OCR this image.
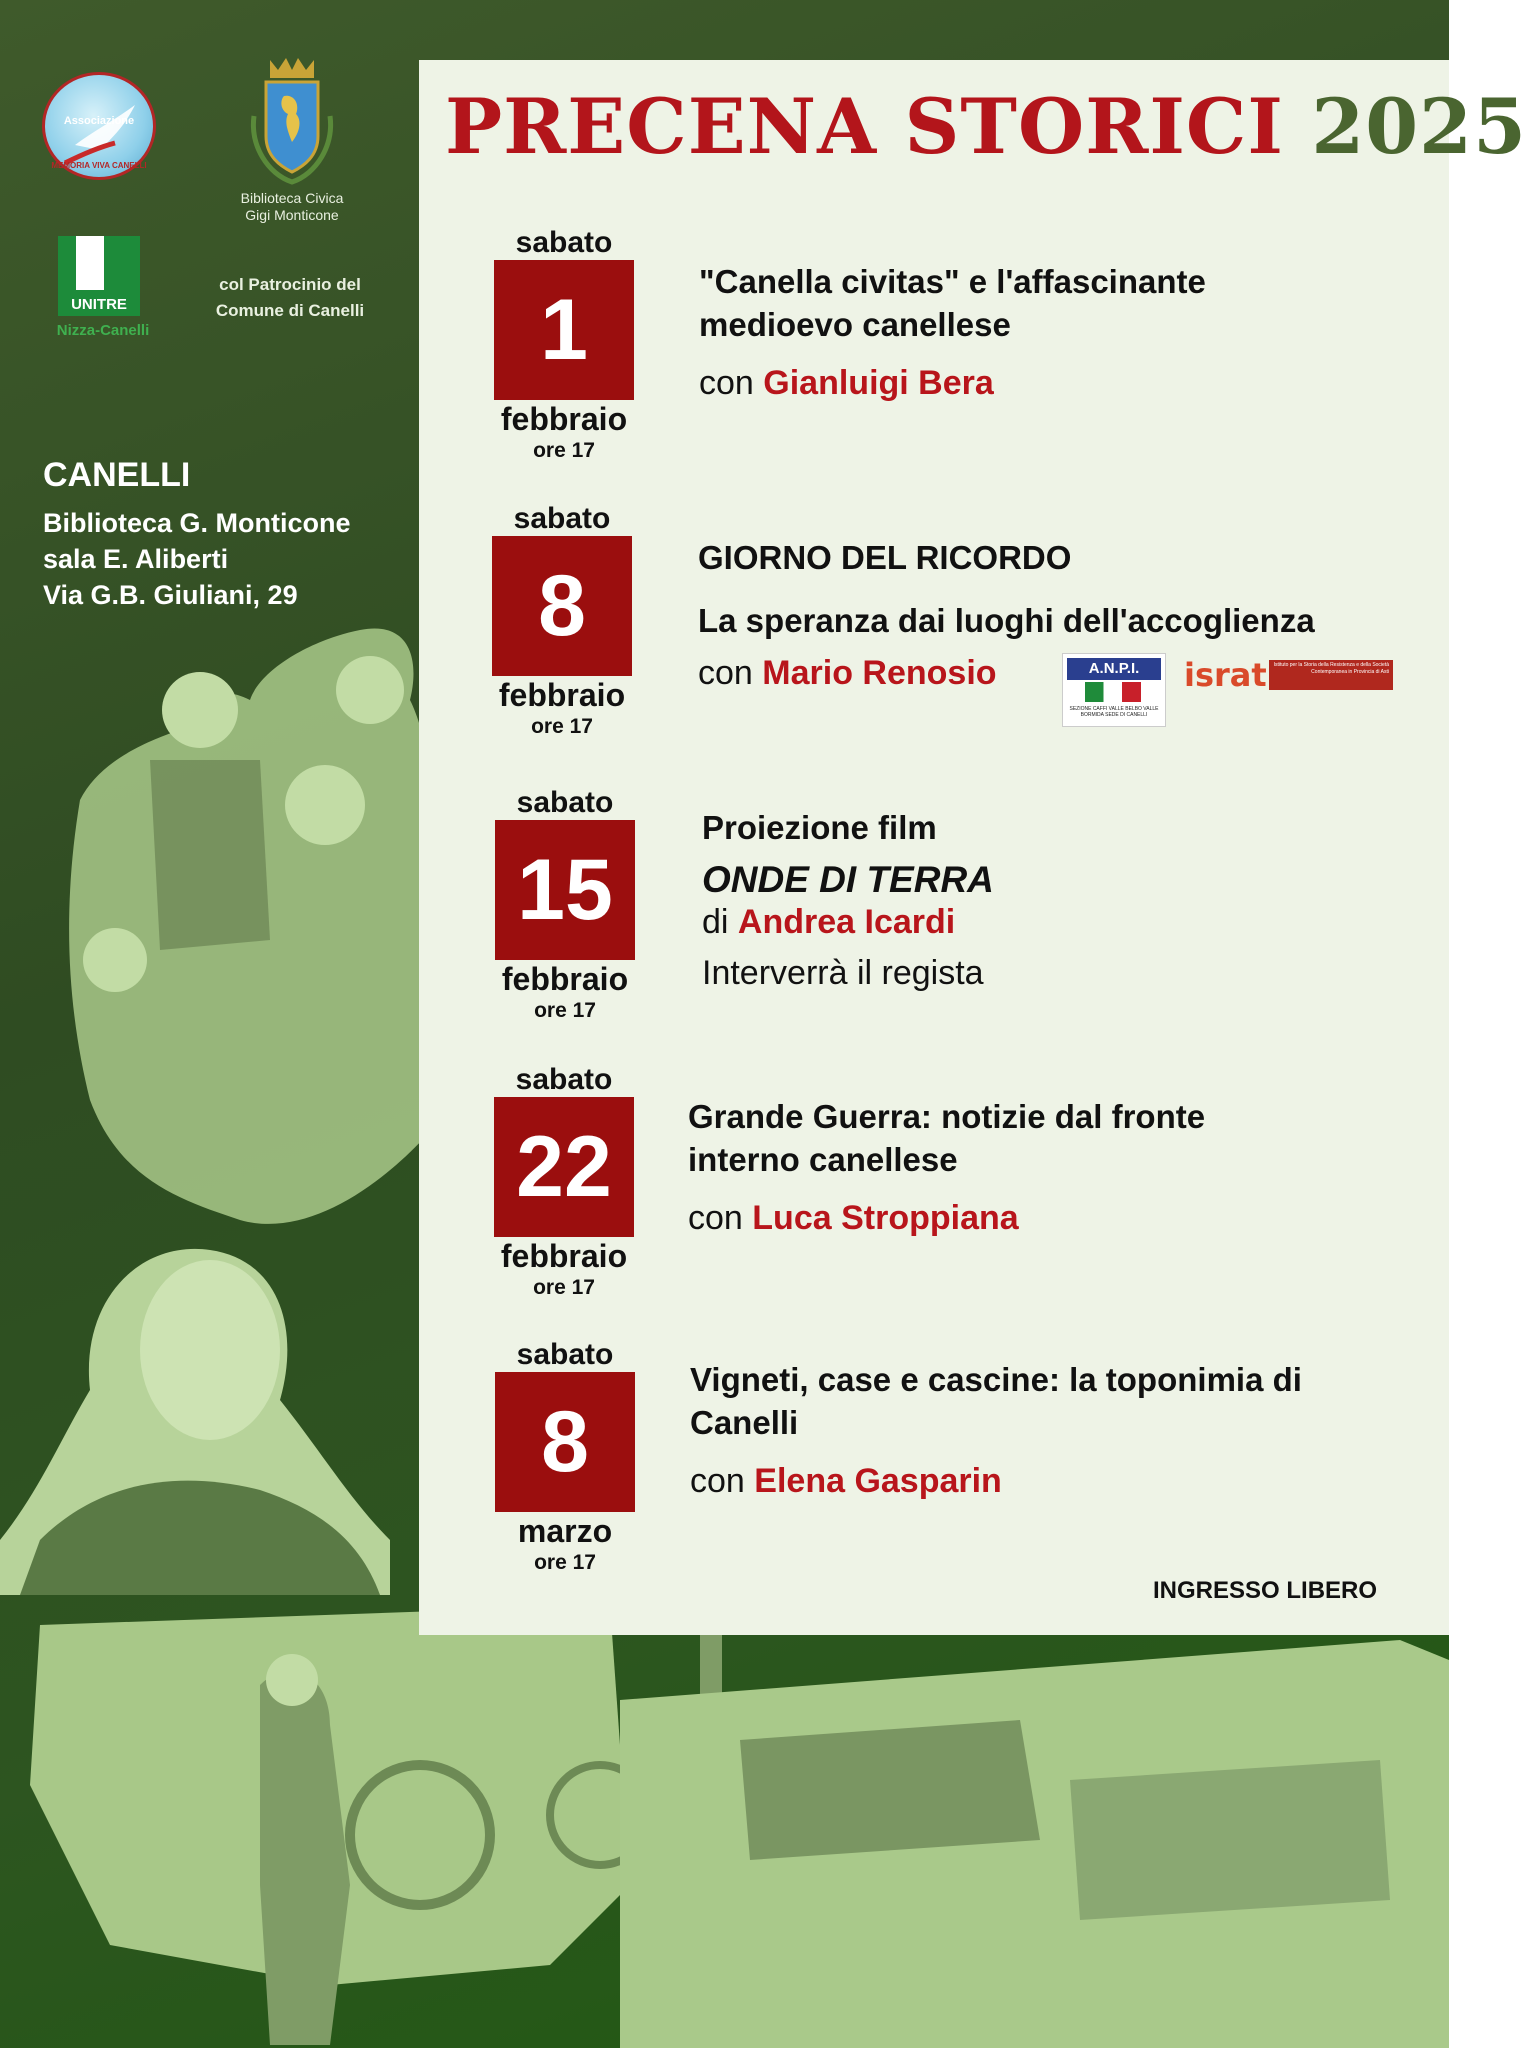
PRECENA STORICI 2025
Associazione
MEMORIA VIVA CANELLI
Biblioteca Civica
Gigi Monticone
UNITRE
Nizza-Canelli
col Patrocinio del
Comune di Canelli
CANELLI
Biblioteca G. Monticone
sala E. Aliberti
Via G.B. Giuliani, 29
sabato
1
febbraio
ore 17
"Canella civitas" e l'affascinante
medioevo canellese
con Gianluigi Bera
sabato
8
febbraio
ore 17
GIORNO DEL RICORDO
La speranza dai luoghi dell'accoglienza
con Mario Renosio	A.N.P.I.
SEZIONE CAFFI VALLE BELBO VALLE BORMIDA SEDE DI CANELLI
israt	Istituto per la Storia della Resistenza e della Società Contemporanea in Provincia di Asti
sabato
15
febbraio
ore 17
Proiezione film
ONDE DI TERRA
di Andrea Icardi
Interverrà il regista
sabato
22
febbraio
ore 17
Grande Guerra: notizie dal fronte
interno canellese
con Luca Stroppiana
sabato
8
marzo
ore 17
Vigneti, case e cascine: la toponimia di
Canelli
con Elena Gasparin
INGRESSO LIBERO
